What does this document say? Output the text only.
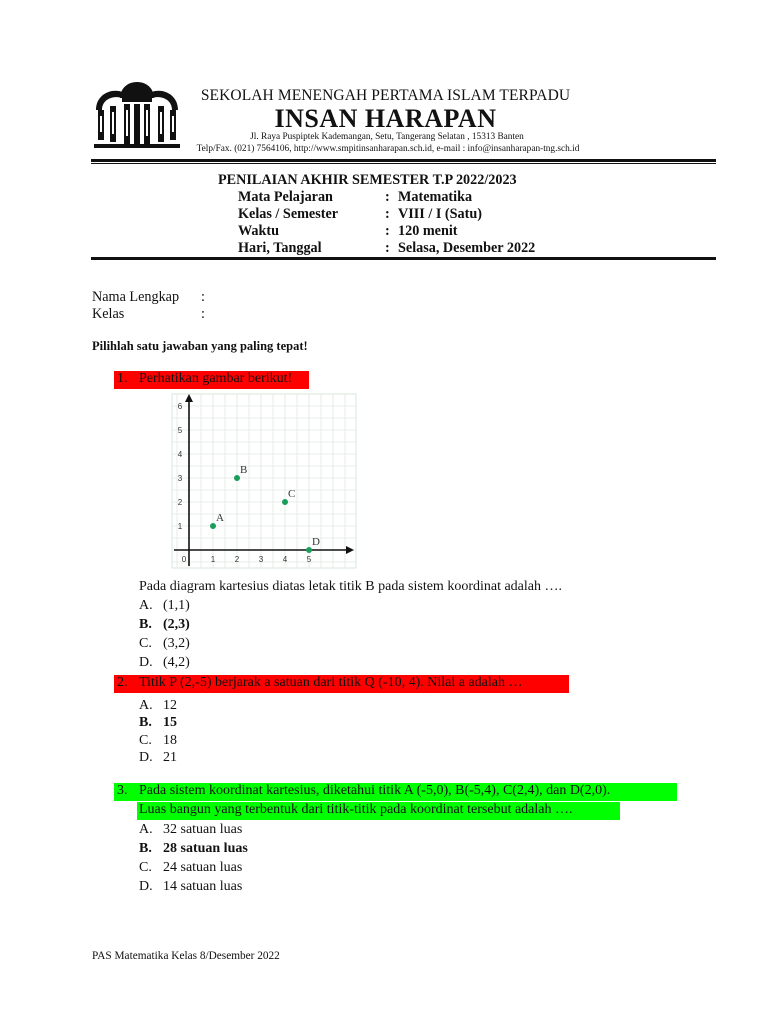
SEKOLAH MENENGAH PERTAMA ISLAM TERPADU
INSAN HARAPAN
Jl. Raya Puspiptek Kademangan, Setu, Tangerang Selatan , 15313 Banten
Telp/Fax. (021) 7564106, http://www.smpitinsanharapan.sch.id, e-mail : info@insanharapan-tng.sch.id
PENILAIAN AKHIR SEMESTER T.P 2022/2023
Mata Pelajaran	: Matematika
Kelas / Semester	: VIII / I (Satu)
Waktu	: 120 menit
Hari, Tanggal	: Selasa, Desember 2022
Nama Lengkap :
Kelas	:
Pilihlah satu jawaban yang paling tepat!
1. Perhatikan gambar berikut!
0	1 2 3 4 5
1
2
3
4
5
6
A
B
C
D
Pada diagram kartesius diatas letak titik B pada sistem koordinat adalah ….
A. (1,1)
B. (2,3)
C. (3,2)
D. (4,2)
2. Titik P (2,-5) berjarak a satuan dari titik Q (-10, 4). Nilai a adalah …
A. 12
B. 15
C. 18
D. 21
3. Pada sistem koordinat kartesius, diketahui titik A (-5,0), B(-5,4), C(2,4), dan D(2,0).
Luas bangun yang terbentuk dari titik-titik pada koordinat tersebut adalah ….
A. 32 satuan luas
B. 28 satuan luas
C. 24 satuan luas
D. 14 satuan luas
PAS Matematika Kelas 8/Desember 2022
